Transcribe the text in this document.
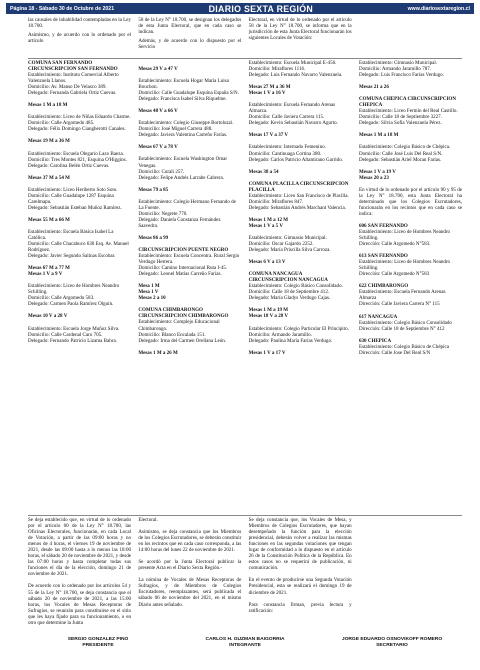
Página 18 - Sábado 30 de Octubre de 2021	DIARIO SEXTA REGIÓN	www.diariosextaregion.cl

las causales de inhabilidad contempladas en la Ley 18.700.

Asimismo, y de acuerdo con lo ordenado por el artículo

58 de la Ley N° 18.700, se designan los delegados de esta Junta Electoral, que en cada caso se indican.

Además, y de acuerdo con lo dispuesto por el Servicio

Electoral, en virtud de lo ordenado por el artículo 58 de la Ley N° 18.700, se informa que en la jurisdicción de esta Junta Electoral funcionarán los siguientes Locales de Votación:

COMUNA SAN FERNANDO CIRCUNSCRIPCION SAN FERNANDO

Establecimiento: Instituto Comercial Alberto Valenzuela Llanos.

Domicilio: Av. Manso De Velasco 389.

Delegado: Fernanda Gabriela Ortiz Cuevas.

Mesas 1 M a 18 M

Establecimiento: Liceo de Niñas Eduardo Charme.

Domicilio: Calle Argomedo 485.

Delegado: Félix Domingo Ciangherotti Canales.

Mesas 19 M a 36 M

Establecimiento: Escuela Olegario Lazo Baeza.

Domicilio: Tres Montes 821, Esquina O'Higgins.

Delegado: Carolina Belén Ortiz Cuevas.

Mesas 37 M a 54 M

Establecimiento: Liceo Heriberto Soto Soto.

Domicilio: Calle Guadalupe 1287 Esquina Carelmapu.

Delegado: Sebastián Esteban Muñoz Ramírez.

Mesas 55 M a 66 M

Establecimiento: Escuela Básica Isabel La Católica.

Domicilio: Calle Chacabuco 630 Esq. Av. Manuel Rodríguez.

Delegado: Javier Segundo Salinas Escobar.

Mesas 67 M a 77 M

Mesas 1 V a 9 V

Establecimiento: Liceo de Hombres Neandro Schilling.

Domicilio: Calle Argomedo 583.

Delegado: Carmen Paola Ramírez Olguín.

Mesas 10 V a 28 V

Establecimiento: Escuela Jorge Muñoz Silva.

Domicilio: Calle Cardenal Caro 705.

Delegado: Fernando Patricio Lizama Bahra.

Mesas 29 V a 47 V

Establecimiento: Escuela Hogar María Luisa Bouchon.

Domicilio: Calle Guadalupe Esquina España S/N.

Delegado: Francisca Isabel Silva Riquelme.

Mesas 48 V a 66 V

Establecimiento: Colegio Giuseppe Bortoluzzi.

Domicilio: José Miguel Carrera 488.

Delegado: Javiera Valentina Carreño Farías.

Mesas 67 V a 78 V

Establecimiento: Escuela Washington Omar Venegas.

Domicilio: Curali 257.

Delegado: Felipe Andrés Larrabe Cabrera.

Mesas 79 a 85

Establecimiento: Colegio Hermano Fernando de La Fuente.

Domicilio: Negrete 770.

Delegado: Daniela Constanza Fernández Saavedra.

Mesas 86 a 99

CIRCUNSCRIPCION PUENTE NEGRO

Establecimiento: Escuela Concentra. Rural Sergio Verdugo Herrera.

Domicilio: Camino Internacional Ruta I-45.

Delegado: Leonel Matías Carreño Farías.

Mesa 1 M

Mesa 1 V

Mesas 2 a 10

COMUNA CHIMBARONGO CIRCUNSCRIPCION CHIMBARONGO

Establecimiento: Complejo Educacional Chimbarongo.

Domicilio: Blanco Encalada 151.

Delegado: Irma del Carmen Orellana León.

Mesas 1 M a 26 M

Establecimiento: Escuela Municipal E-456.

Domicilio: Miraflores 1116.

Delegado: Luis Fernando Navarro Valenzuela.

Mesas 27 M a 36 M

Mesas 1 V a 16 V

Establecimiento: Escuela Fernando Arenas Almarza.

Domicilio: Calle Javiera Carrera 115.

Delegado: Kevin Sebastián Navarro Agurto.

Mesas 17 V a 37 V

Establecimiento: Internado Femenino.

Domicilio: Cantinuaga Cortina 380.

Delegado: Carlos Patricio Altamirano Garrido.

Mesas 38 a 54

COMUNA PLACILLA CIRCUNSCRIPCION PLACILLA

Establecimiento: Liceo San Francisco de Placilla.

Domicilio: Miraflores 847.

Delegado: Sebastián Andrés Marchant Valencia.

Mesas 1 M a 12 M

Mesas 1 V a 5 V

Establecimiento: Gimnasio Municipal.

Domicilio: Oscar Gajardo 2252.

Delegado: María Priscilla Silva Carroza.

Mesas 6 V a 13 V

COMUNA NANCAGUA CIRCUNSCRIPCION NANCAGUA

Establecimiento: Colegio Básico Consolidado.

Domicilio: Calle 18 de Septiembre 412.

Delegado: María Gladys Verdugo Cajas.

Mesas 1 M a 19 M

Mesas 18 V a 28 V

Establecimiento: Colegio Particular El Principito.

Domicilio: Armando Jaramillo.

Delegado: Paulina María Farías Verdugo.

Mesas 1 V a 17 V

Establecimiento: Gimnasio Municipal.

Domicilio: Armando Jaramillo 787.

Delegado: Luis Francisco Farías Verdugo.

Mesas 21 a 26

COMUNA CHEPICA CIRCUNSCRIPCION CHEPICA

Establecimiento: Liceo Fermín del Real Castillo.

Domicilio: Calle 18 de Septiembre 3227.

Delegado: Silvia Sofía Valenzuela Pérez.

Mesas 1 M a 18 M

Establecimiento: Colegio Básico de Chépica.

Domicilio: Calle José Luis Del Real S/N.

Delegado: Sebastián Ariel Moran Farías.

Mesas 1 V a 19 V

Mesas 20 a 23

En virtud de lo ordenado por el artículo 90 y 95 de la Ley N° 18.700, esta Junta Electoral ha determinado que los Colegios Escrutadores, funcionarán en los recintos que en cada caso se indica:

606 SAN FERNANDO

Establecimiento: Liceo de Hombres Neandro Schilling.

Dirección: Calle Argomedo N°583.

613 SAN FERNANDO

Establecimiento: Liceo de Hombres Neandro Schilling.

Dirección: Calle Argomedo N°583

622 CHIMBARONGO

Establecimiento: Escuela Fernando Arenas Almarza

Dirección: Calle Javiera Carrera N° 115

617 NANCAGUA

Establecimiento: Colegio Básico Consolidado

Dirección: Calle 18 de Septiembre N° 412

630 CHEPICA

Establecimiento: Colegio Básico de Chépica

Dirección: Calle Jose Del Real S/N

Se deja establecido que, en virtud de lo ordenado por el artículo 60 de la Ley N° 18.700, las Oficinas Electorales, funcionarán, en cada Local de Votación, a partir de las 09:00 horas y no menos de 4 horas, el viernes 19 de noviembre de 2021, desde las 09:00 hasta a lo menos las 18:00 horas, el sábado 20 de noviembre de 2021, y desde las 07:00 horas y hasta completar todas sus funciones el día de la elección, domingo 21 de noviembre de 2021.

De acuerdo con lo ordenado por los artículos 54 y 55 de la Ley N° 18.700, se deja constancia que el sábado 20 de noviembre de 2021, a las 15:00 horas, los Vocales de Mesas Receptoras de Sufragios, se reunirán para constituirse en el sitio que les haya fijado para su funcionamiento, o en otro que determine la Junta

Electoral.

Asimismo, se deja constancia que los Miembros de los Colegios Escrutadores, se deberán constituir en los recintos que en cada caso corresponda, a las 14:00 horas del lunes 22 de noviembre de 2021.

Se acordó por la Junta Electoral publicar la presente Acta en el Diario Sexta Región.-

La nómina de Vocales de Mesas Receptoras de Sufragios, y de Miembros de Colegios Escrutadores, reemplazantes, será publicada el sábado 06 de noviembre del 2021, en el mismo Diario antes señalado.

Se deja constancia que, los Vocales de Mesa, y Miembros de Colegios Escrutadores, que hayan desempeñado la función para la elección presidencial, deberán volver a realizar las mismas funciones en las segundas votaciones que tengan lugar de conformidad a lo dispuesto en el artículo 26 de la Constitución Política de la República. En estos casos no se requerirá de publicación, ni comunicación.

En el evento de producirse una Segunda Votación Presidencial, esta se realizará el domingo 19 de diciembre de 2021.

Para constancia firman, previa lectura y ratificación:

SERGIO GONZALEZ PINO
PRESIDENTE
CARLOS H. GUZMAN BAIGORRIA
INTEGRANTE
JORGE EDUARDO OSNOVIKOFF ROMERO
SECRETARIO
